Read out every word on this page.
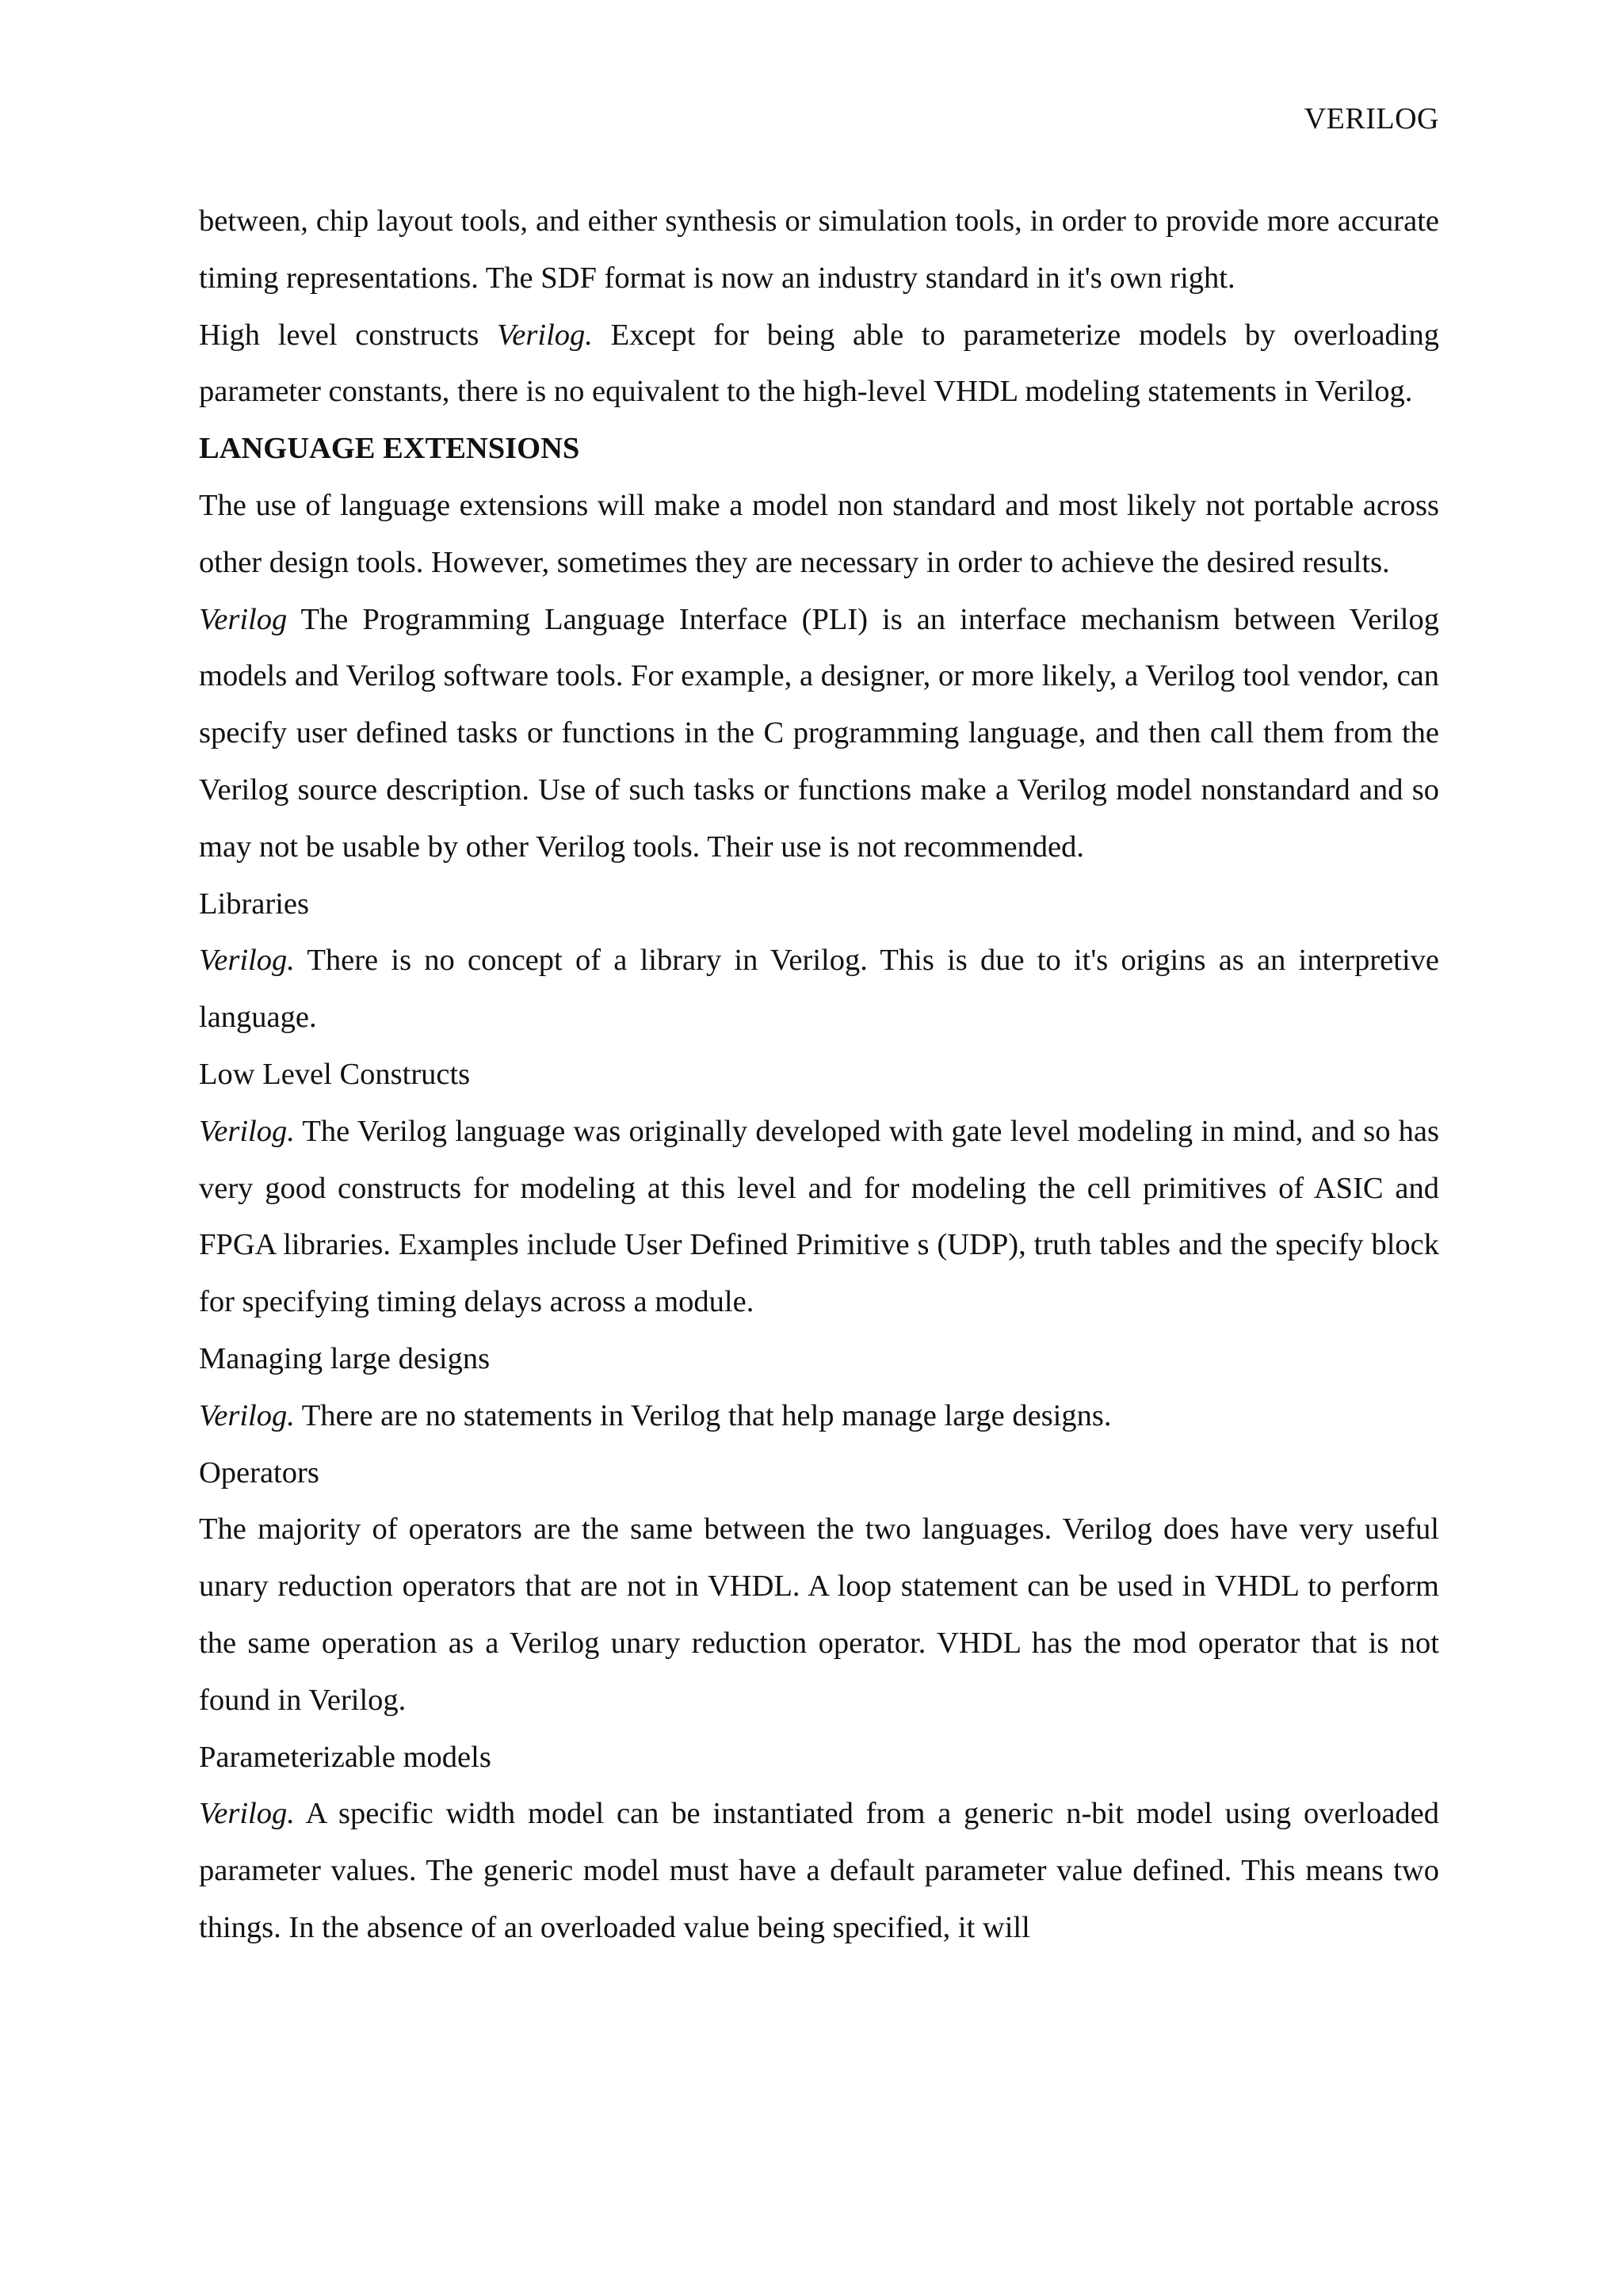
VERILOG

between, chip layout tools, and either synthesis or simulation tools, in order to provide more accurate timing representations. The SDF format is now an industry standard in it's own right.

High level constructs Verilog. Except for being able to parameterize models by overloading parameter constants, there is no equivalent to the high-level VHDL modeling statements in Verilog.

LANGUAGE EXTENSIONS

The use of language extensions will make a model non standard and most likely not portable across other design tools. However, sometimes they are necessary in order to achieve the desired results.

Verilog The Programming Language Interface (PLI) is an interface mechanism between Verilog models and Verilog software tools. For example, a designer, or more likely, a Verilog tool vendor, can specify user defined tasks or functions in the C programming language, and then call them from the Verilog source description. Use of such tasks or functions make a Verilog model nonstandard and so may not be usable by other Verilog tools. Their use is not recommended.

Libraries

Verilog. There is no concept of a library in Verilog. This is due to it's origins as an interpretive language.

Low Level Constructs

Verilog. The Verilog language was originally developed with gate level modeling in mind, and so has very good constructs for modeling at this level and for modeling the cell primitives of ASIC and FPGA libraries. Examples include User Defined Primitive s (UDP), truth tables and the specify block for specifying timing delays across a module.

Managing large designs

Verilog. There are no statements in Verilog that help manage large designs.

Operators

The majority of operators are the same between the two languages. Verilog does have very useful unary reduction operators that are not in VHDL. A loop statement can be used in VHDL to perform the same operation as a Verilog unary reduction operator. VHDL has the mod operator that is not found in Verilog.

Parameterizable models

Verilog. A specific width model can be instantiated from a generic n-bit model using overloaded parameter values. The generic model must have a default parameter value defined. This means two things. In the absence of an overloaded value being specified, it will
